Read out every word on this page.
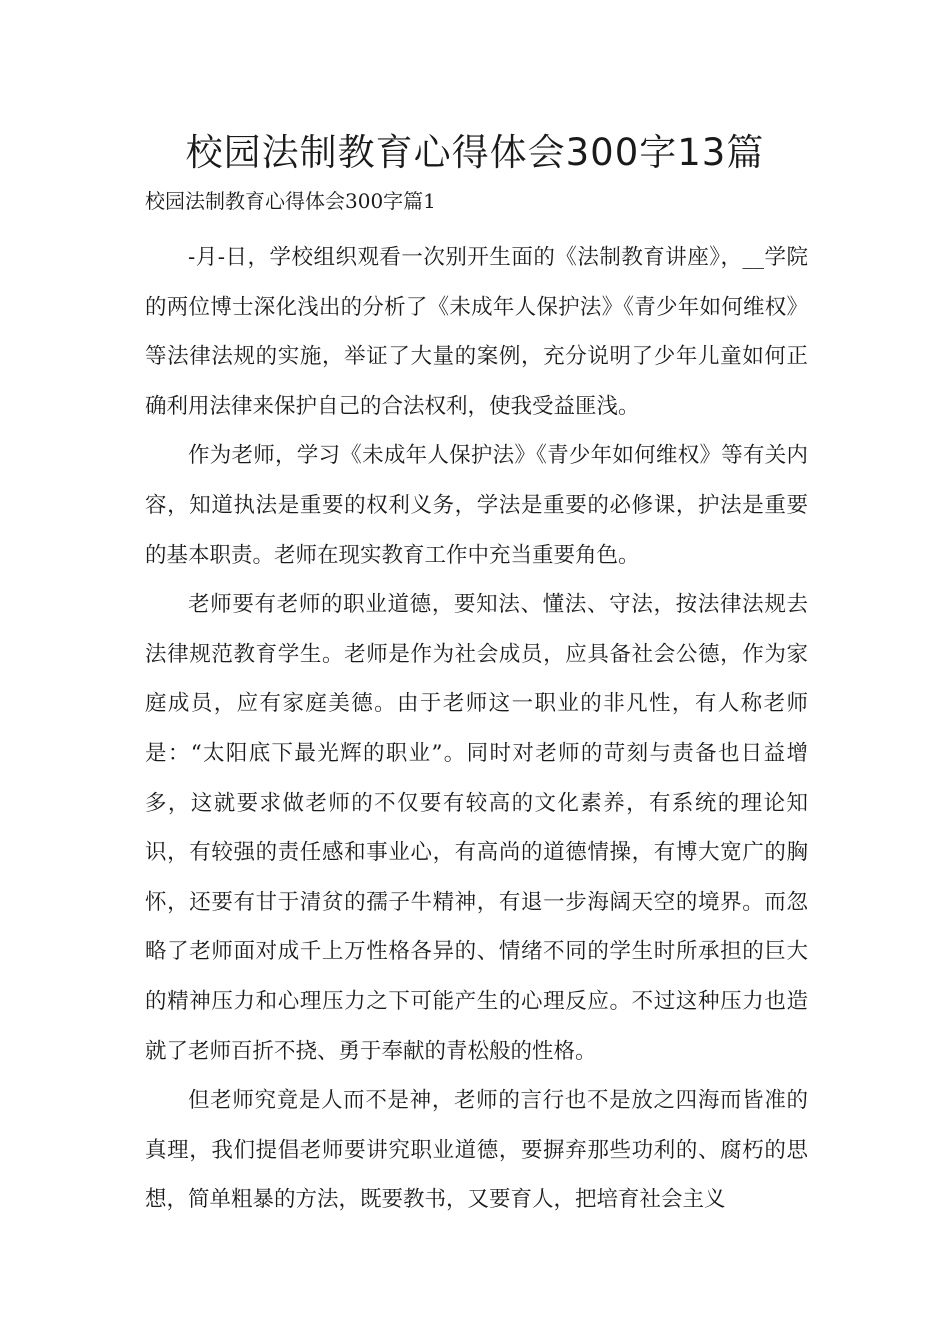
校园法制教育心得体会300字13篇
校园法制教育心得体会300字篇1

-月-日，学校组织观看一次别开生面的《法制教育讲座》，__学院的两位博士深化浅出的分析了《未成年人保护法》《青少年如何维权》等法律法规的实施，举证了大量的案例，充分说明了少年儿童如何正确利用法律来保护自己的合法权利，使我受益匪浅。

作为老师，学习《未成年人保护法》《青少年如何维权》等有关内容，知道执法是重要的权利义务，学法是重要的必修课，护法是重要的基本职责。老师在现实教育工作中充当重要角色。

老师要有老师的职业道德，要知法、懂法、守法，按法律法规去法律规范教育学生。老师是作为社会成员，应具备社会公德，作为家庭成员，应有家庭美德。由于老师这一职业的非凡性，有人称老师是：“太阳底下最光辉的职业”。同时对老师的苛刻与责备也日益增多，这就要求做老师的不仅要有较高的文化素养，有系统的理论知识，有较强的责任感和事业心，有高尚的道德情操，有博大宽广的胸怀，还要有甘于清贫的孺子牛精神，有退一步海阔天空的境界。而忽略了老师面对成千上万性格各异的、情绪不同的学生时所承担的巨大的精神压力和心理压力之下可能产生的心理反应。不过这种压力也造就了老师百折不挠、勇于奉献的青松般的性格。

但老师究竟是人而不是神，老师的言行也不是放之四海而皆准的真理，我们提倡老师要讲究职业道德，要摒弃那些功利的、腐朽的思想，简单粗暴的方法，既要教书，又要育人，把培育社会主义
